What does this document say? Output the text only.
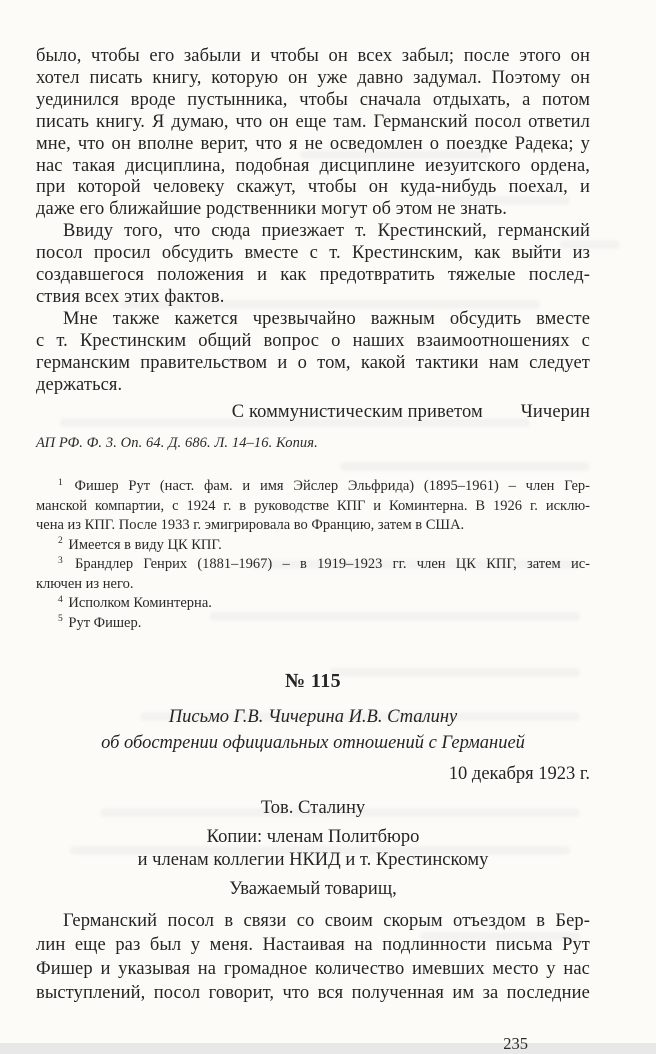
было, чтобы его забыли и чтобы он всех забыл; после этого он
хотел писать книгу, которую он уже давно задумал. Поэтому он
уединился вроде пустынника, чтобы сначала отдыхать, а потом
писать книгу. Я думаю, что он еще там. Германский посол ответил
мне, что он вполне верит, что я не осведомлен о поездке Радека; у
нас такая дисциплина, подобная дисциплине иезуитского ордена,
при которой человеку скажут, чтобы он куда-нибудь поехал, и
даже его ближайшие родственники могут об этом не знать.
Ввиду того, что сюда приезжает т. Крестинский, германский
посол просил обсудить вместе с т. Крестинским, как выйти из
создавшегося положения и как предотвратить тяжелые послед-
ствия всех этих фактов.
Мне также кажется чрезвычайно важным обсудить вместе
с т. Крестинским общий вопрос о наших взаимоотношениях с
германским правительством и о том, какой тактики нам следует
держаться.
С коммунистическим приветом Чичерин
АП РФ. Ф. 3. Оп. 64. Д. 686. Л. 14–16. Копия.
$^1$ Фишер Рут (наст. фам. и имя Эйслер Эльфрида) (1895–1961) – член Гер-
манской компартии, с 1924 г. в руководстве КПГ и Коминтерна. В 1926 г. исклю-
чена из КПГ. После 1933 г. эмигрировала во Францию, затем в США.
$^2$ Имеется в виду ЦК КПГ.
$^3$ Брандлер Генрих (1881–1967) – в 1919–1923 гг. член ЦК КПГ, затем ис-
ключен из него.
$^4$ Исполком Коминтерна.
$^5$ Рут Фишер.
№ 115
Письмо Г.В. Чичерина И.В. Сталину
об обострении официальных отношений с Германией
10 декабря 1923 г.
Тов. Сталину
Копии: членам Политбюро
и членам коллегии НКИД и т. Крестинскому
Уважаемый товарищ,
Германский посол в связи со своим скорым отъездом в Бер-
лин еще раз был у меня. Настаивая на подлинности письма Рут
Фишер и указывая на громадное количество имевших место у нас
выступлений, посол говорит, что вся полученная им за последние
235
